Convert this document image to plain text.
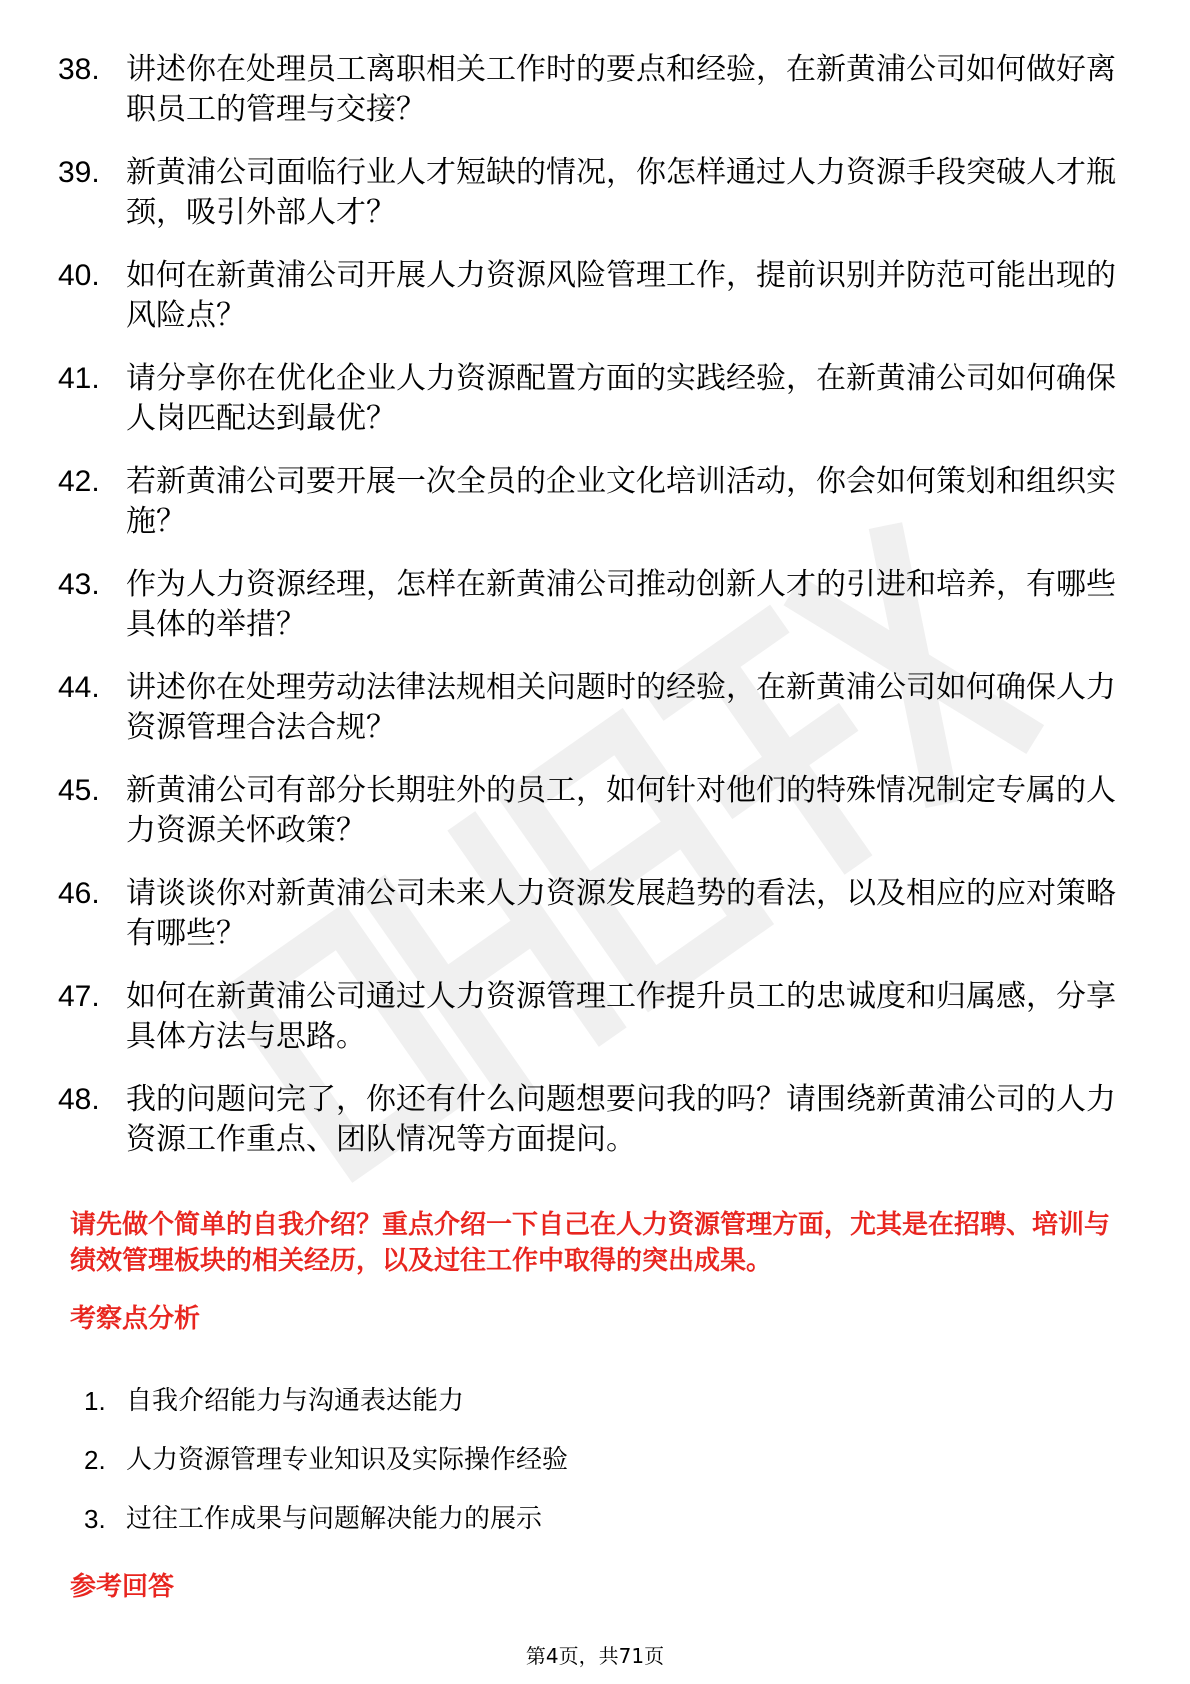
38. 讲述你在处理员工离职相关工作时的要点和经验，在新黄浦公司如何做好离职员工的管理与交接？
39. 新黄浦公司面临行业人才短缺的情况，你怎样通过人力资源手段突破人才瓶颈，吸引外部人才？
40. 如何在新黄浦公司开展人力资源风险管理工作，提前识别并防范可能出现的风险点？
41. 请分享你在优化企业人力资源配置方面的实践经验，在新黄浦公司如何确保人岗匹配达到最优？
42. 若新黄浦公司要开展一次全员的企业文化培训活动，你会如何策划和组织实施？
43. 作为人力资源经理，怎样在新黄浦公司推动创新人才的引进和培养，有哪些具体的举措？
44. 讲述你在处理劳动法律法规相关问题时的经验，在新黄浦公司如何确保人力资源管理合法合规？
45. 新黄浦公司有部分长期驻外的员工，如何针对他们的特殊情况制定专属的人力资源关怀政策？
46. 请谈谈你对新黄浦公司未来人力资源发展趋势的看法，以及相应的应对策略有哪些？
47. 如何在新黄浦公司通过人力资源管理工作提升员工的忠诚度和归属感，分享具体方法与思路。
48. 我的问题问完了，你还有什么问题想要问我的吗？请围绕新黄浦公司的人力资源工作重点、团队情况等方面提问。

请先做个简单的自我介绍？重点介绍一下自己在人力资源管理方面，尤其是在招聘、培训与绩效管理板块的相关经历，以及过往工作中取得的突出成果。

考察点分析
1. 自我介绍能力与沟通表达能力
2. 人力资源管理专业知识及实际操作经验
3. 过往工作成果与问题解决能力的展示
参考回答
第4页，共71页
